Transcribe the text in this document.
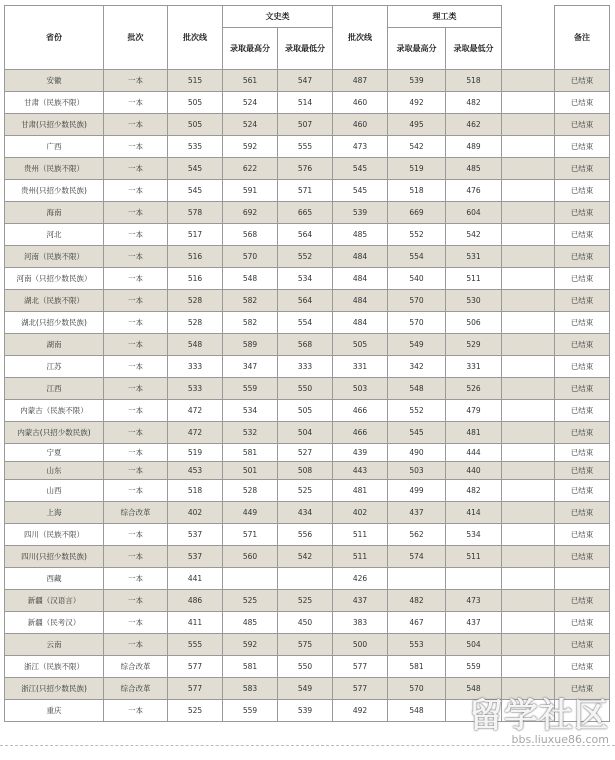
省份	批次	批次线	文史类		批次线	理工类			备注
			录取最高分	录取最低分		录取最高分	录取最低分		
安徽	一本	515	561	547	487	539	518		已结束
甘肃（民族不限）	一本	505	524	514	460	492	482		已结束
甘肃(只招少数民族)	一本	505	524	507	460	495	462		已结束
广西	一本	535	592	555	473	542	489		已结束
贵州（民族不限）	一本	545	622	576	545	519	485		已结束
贵州(只招少数民族)	一本	545	591	571	545	518	476		已结束
海南	一本	578	692	665	539	669	604		已结束
河北	一本	517	568	564	485	552	542		已结束
河南（民族不限）	一本	516	570	552	484	554	531		已结束
河南（只招少数民族）	一本	516	548	534	484	540	511		已结束
湖北（民族不限）	一本	528	582	564	484	570	530		已结束
湖北(只招少数民族)	一本	528	582	554	484	570	506		已结束
湖南	一本	548	589	568	505	549	529		已结束
江苏	一本	333	347	333	331	342	331		已结束
江西	一本	533	559	550	503	548	526		已结束
内蒙古（民族不限）	一本	472	534	505	466	552	479		已结束
内蒙古(只招少数民族)	一本	472	532	504	466	545	481		已结束
宁夏	一本	519	581	527	439	490	444		已结束
山东	一本	453	501	508	443	503	440		已结束
山西	一本	518	528	525	481	499	482		已结束
上海	综合改革	402	449	434	402	437	414		已结束
四川（民族不限）	一本	537	571	556	511	562	534		已结束
四川(只招少数民族)	一本	537	560	542	511	574	511		已结束
西藏	一本	441			426				
新疆（汉语言）	一本	486	525	525	437	482	473		已结束
新疆（民考汉）	一本	411	485	450	383	467	437		已结束
云南	一本	555	592	575	500	553	504		已结束
浙江（民族不限）	综合改革	577	581	550	577	581	559		已结束
浙江(只招少数民族)	综合改革	577	583	549	577	570	548		已结束
重庆	一本	525	559	539	492	548			留学社区
bbs.liuxue86.com
